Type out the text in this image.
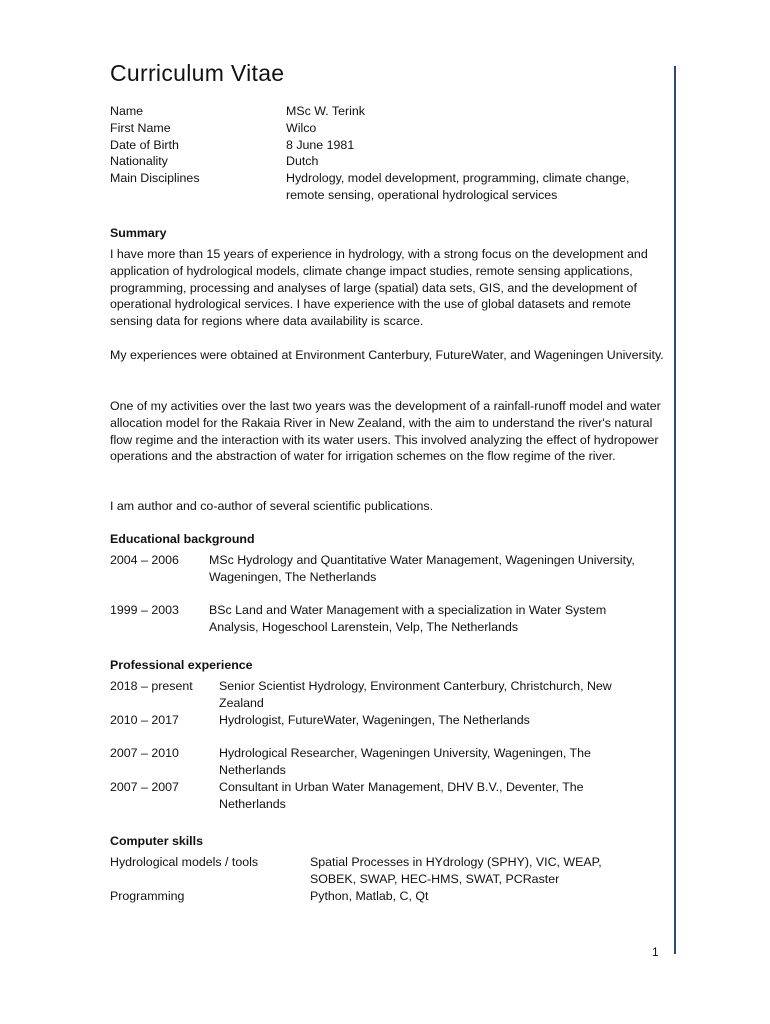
Curriculum Vitae
Name	MSc W. Terink
First Name	Wilco
Date of Birth	8 June 1981
Nationality	Dutch
Main Disciplines	Hydrology, model development, programming, climate change, remote sensing, operational hydrological services
Summary

I have more than 15 years of experience in hydrology, with a strong focus on the development and application of hydrological models, climate change impact studies, remote sensing applications, programming, processing and analyses of large (spatial) data sets, GIS, and the development of operational hydrological services. I have experience with the use of global datasets and remote sensing data for regions where data availability is scarce.

My experiences were obtained at Environment Canterbury, FutureWater, and Wageningen University.

One of my activities over the last two years was the development of a rainfall-runoff model and water allocation model for the Rakaia River in New Zealand, with the aim to understand the river's natural flow regime and the interaction with its water users. This involved analyzing the effect of hydropower operations and the abstraction of water for irrigation schemes on the flow regime of the river.

I am author and co-author of several scientific publications.

Educational background
2004 – 2006	MSc Hydrology and Quantitative Water Management, Wageningen University, Wageningen, The Netherlands
1999 – 2003	BSc Land and Water Management with a specialization in Water System Analysis, Hogeschool Larenstein, Velp, The Netherlands
Professional experience
2018 – present	Senior Scientist Hydrology, Environment Canterbury, Christchurch, New Zealand
2010 – 2017	Hydrologist, FutureWater, Wageningen, The Netherlands
2007 – 2010	Hydrological Researcher, Wageningen University, Wageningen, The Netherlands
2007 – 2007	Consultant in Urban Water Management, DHV B.V., Deventer, The Netherlands
Computer skills
Hydrological models / tools	Spatial Processes in HYdrology (SPHY), VIC, WEAP, SOBEK, SWAP, HEC-HMS, SWAT, PCRaster
Programming	Python, Matlab, C, Qt
1
